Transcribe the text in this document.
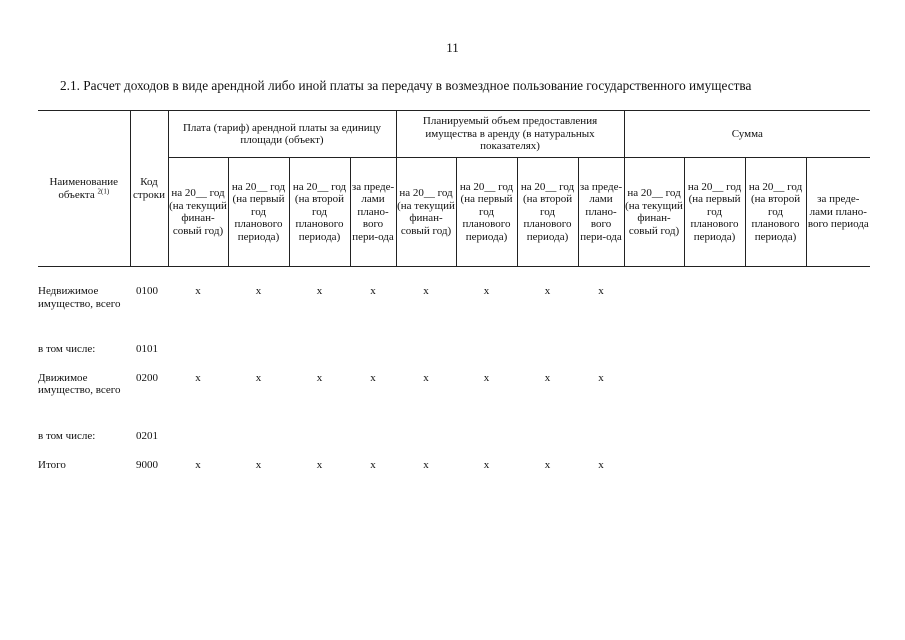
11
2.1. Расчет доходов в виде арендной либо иной платы за передачу в возмездное пользование государственного имущества
Наименование объекта $^{2(1)}$	Код строки	Плата (тариф) арендной платы за единицу площади (объект)				Планируемый объем предоставления имущества в аренду (в натуральных показателях)				Сумма			
		на 20__ год (на текущий финан-совый год)	на 20__ год (на первый год планового периода)	на 20__ год (на второй год планового периода)	за преде-лами плано-вого пери-ода	на 20__ год (на текущий финан-совый год)	на 20__ год (на первый год планового периода)	на 20__ год (на второй год планового периода)	за преде-лами плано-вого пери-ода	на 20__ год (на текущий финан-совый год)	на 20__ год (на первый год планового периода)	на 20__ год (на второй год планового периода)	за преде-лами плано-вого периода
Недвижимое имущество, всего	0100	x	x	x	x	x	x	x	x				
в том числе:	0101												
Движимое имущество, всего	0200	x	x	x	x	x	x	x	x				
в том числе:	0201												
Итого	9000	x	x	x	x	x	x	x	x				
